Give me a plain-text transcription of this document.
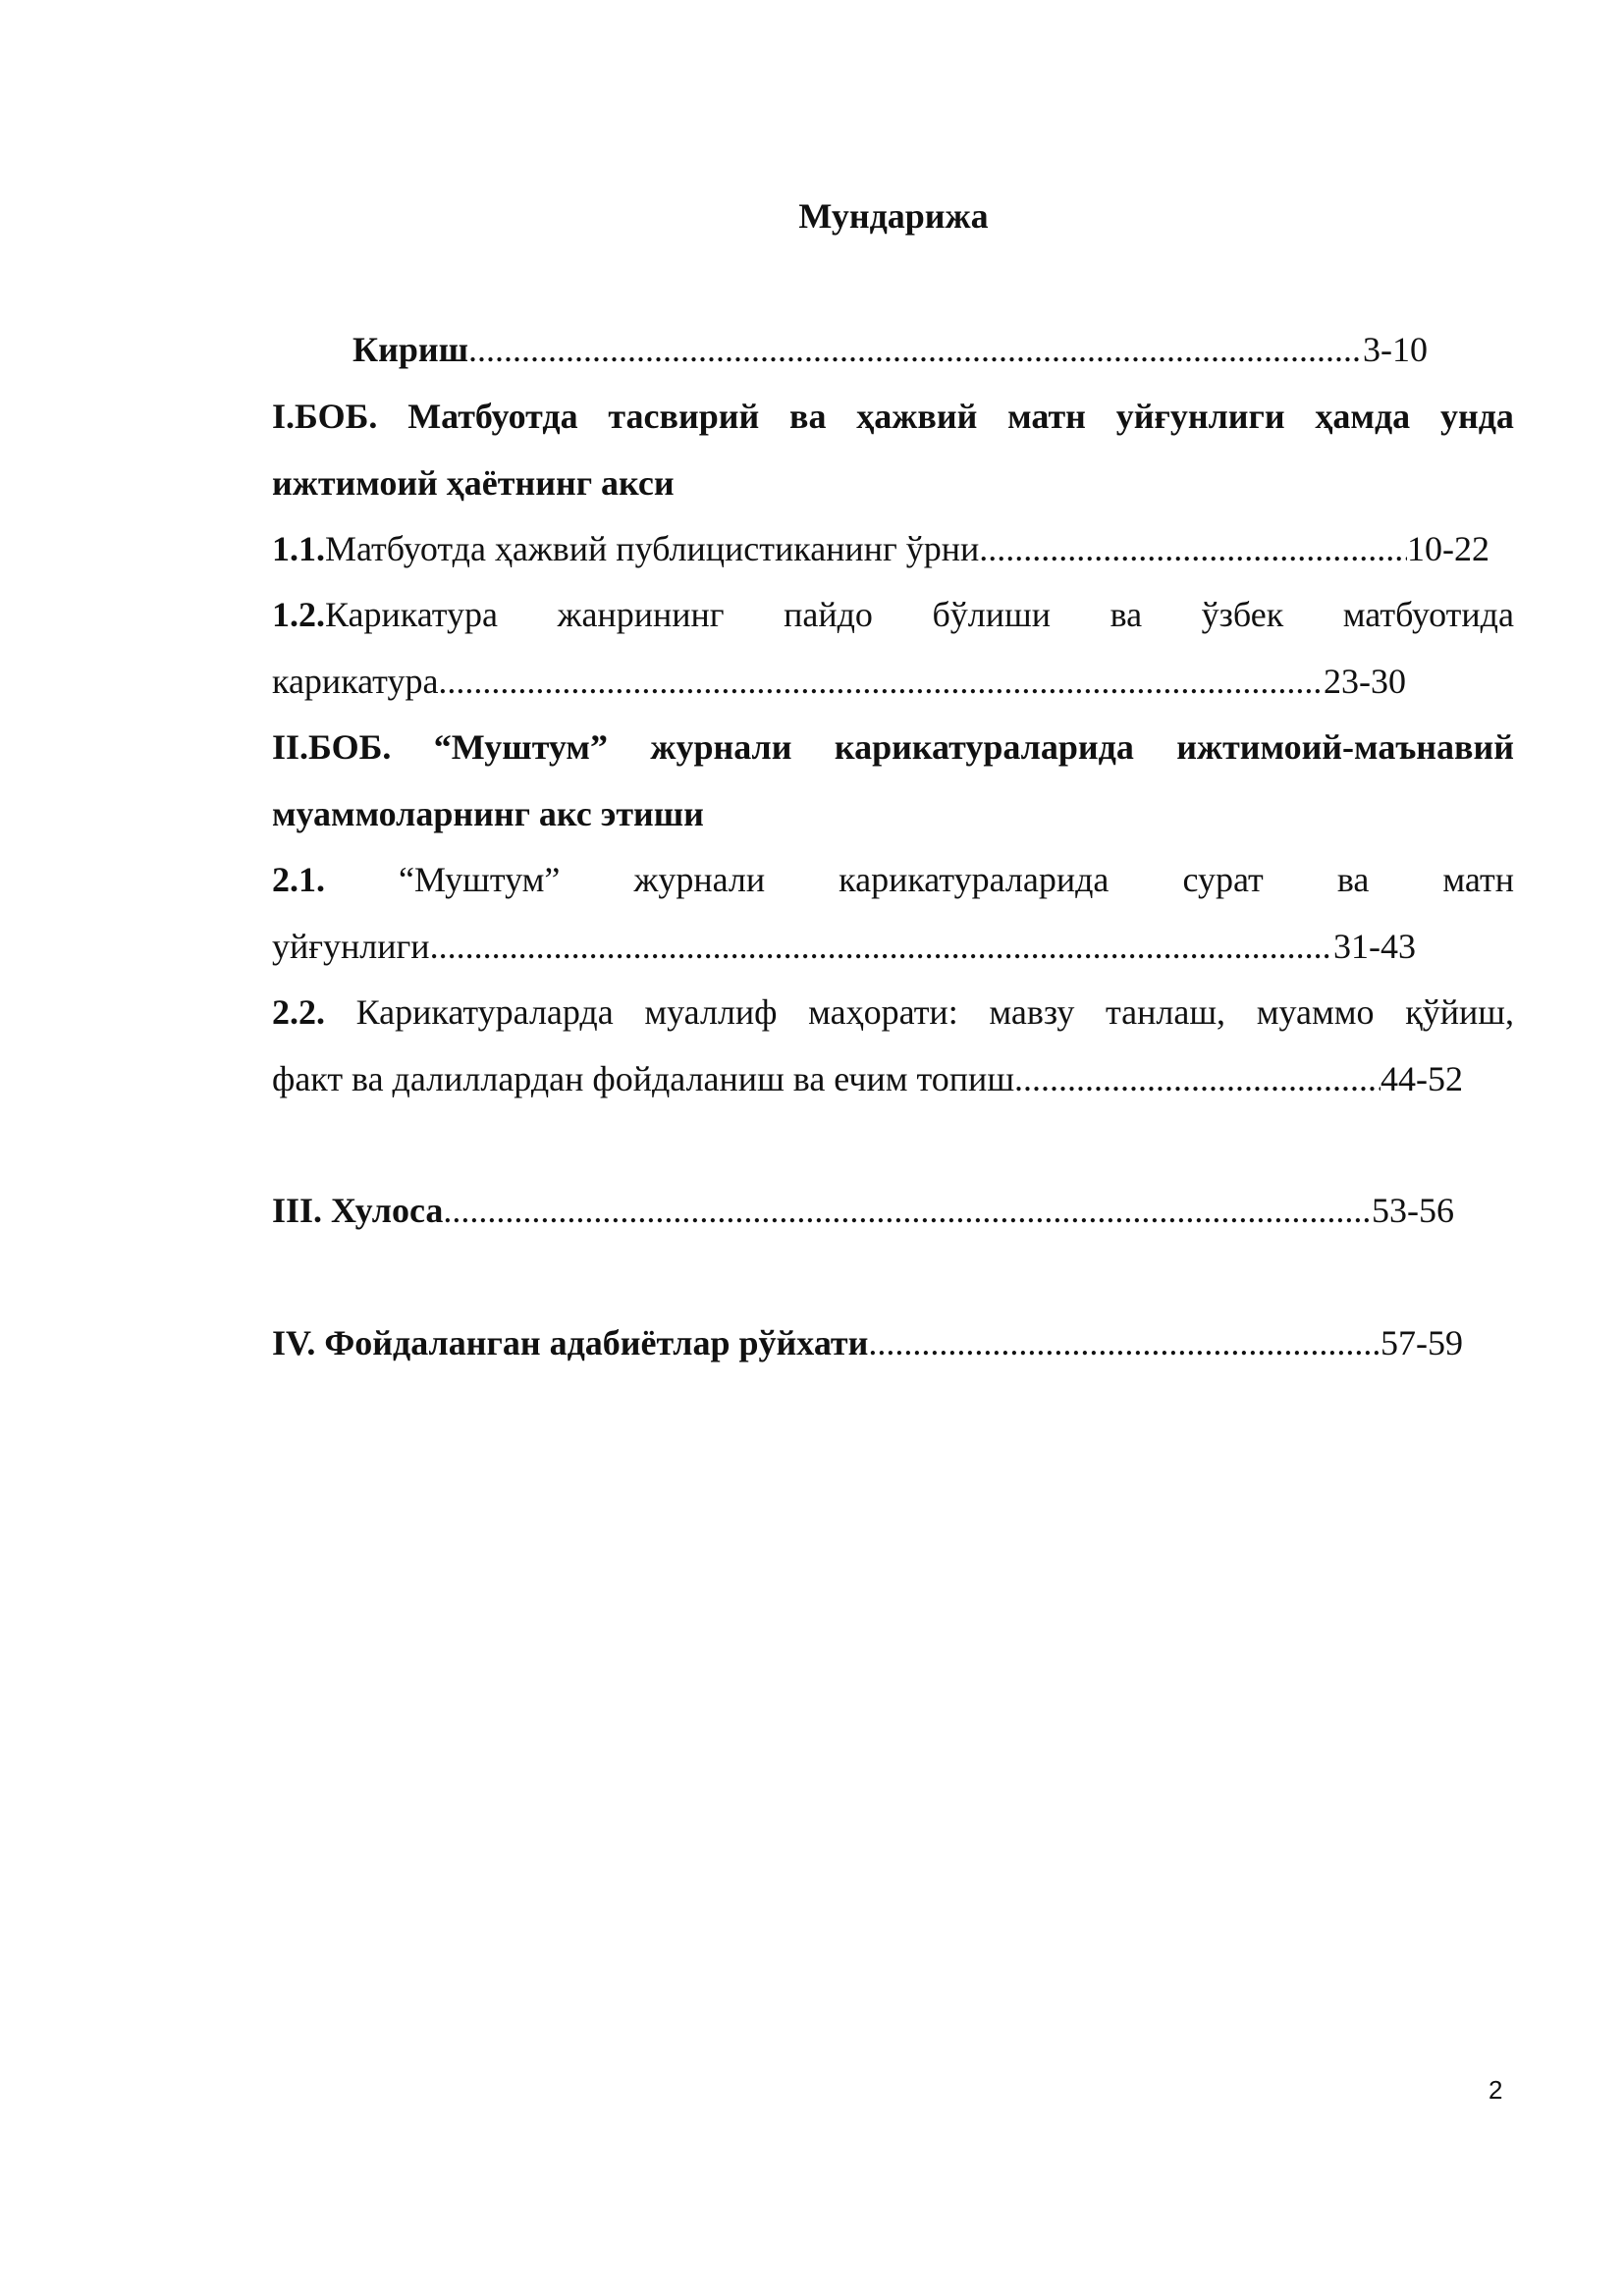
Мундарижа
Кириш .....	3-10
I.БОБ. Матбуотда тасвирий ва ҳажвий матн уйғунлиги ҳамда унда
ижтимоий ҳаётнинг акси
1.1. Матбуотда ҳажвий публицистиканинг ўрни .....	10-22
1.2.Карикатура жанрининг пайдо бўлиши ва ўзбек матбуотида
карикатура .....	23-30
II.БОБ. “Муштум” журнали карикатураларида ижтимоий-маънавий
муаммоларнинг акс этиши
2.1. “Муштум” журнали карикатураларида сурат ва матн
уйғунлиги .....	31-43
2.2. Карикатураларда муаллиф маҳорати: мавзу танлаш, муаммо қўйиш,
факт ва далиллардан фойдаланиш ва ечим топиш .....	44-52
III. Хулоса .....	53-56
IV. Фойдаланган адабиётлар рўйхати .....	57-59
2
